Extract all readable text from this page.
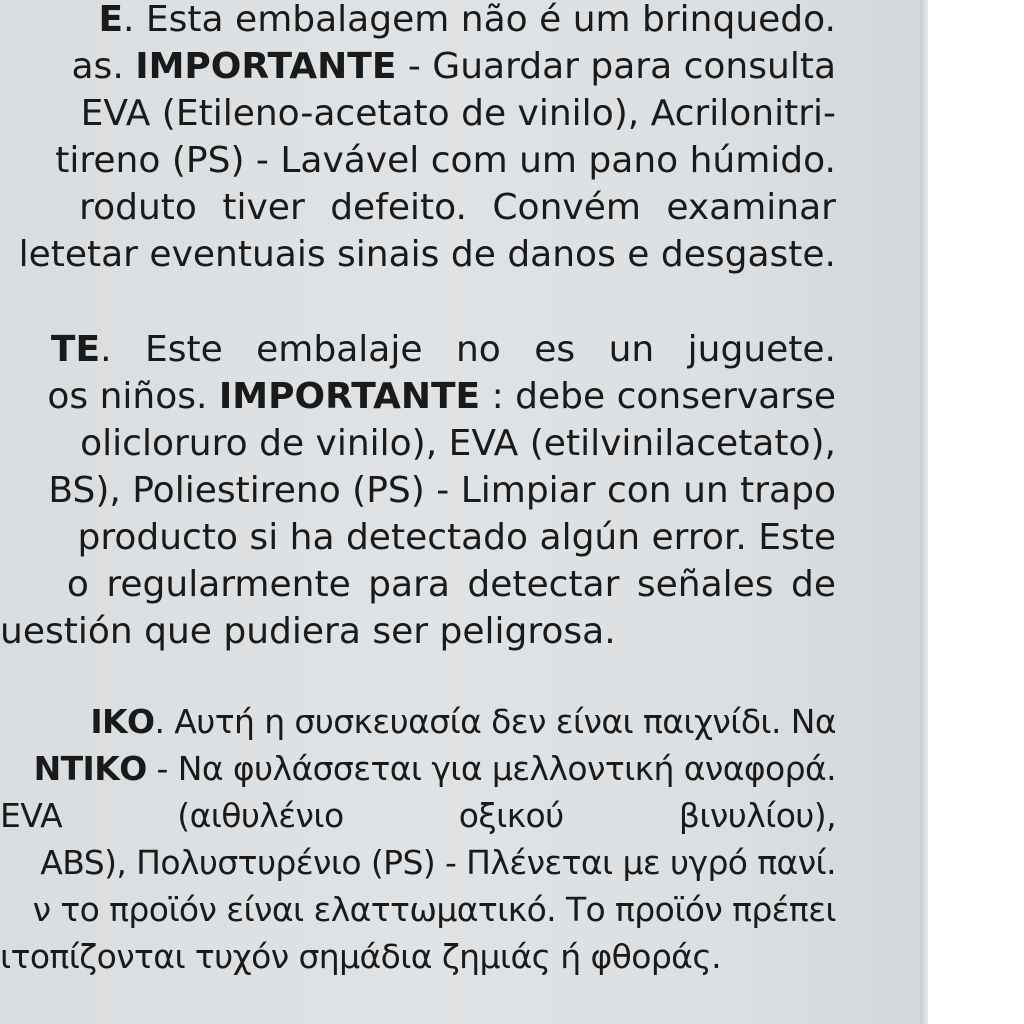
E. Esta embalagem não é um brinquedo.

as. IMPORTANTE - Guardar para consulta

EVA (Etileno-acetato de vinilo), Acrilonitri-

tireno (PS) - Lavável com um pano húmido.

roduto tiver defeito. Convém examinar

letetar eventuais sinais de danos e desgaste.

TE. Este embalaje no es un juguete.

os niños. IMPORTANTE : debe conservarse

olicloruro de vinilo), EVA (etilvinilacetato),

BS), Poliestireno (PS) - Limpiar con un trapo

producto si ha detectado algún error. Este

o regularmente para detectar señales de

uestión que pudiera ser peligrosa.

ΙΚΟ. Αυτή η συσκευασία δεν είναι παιχνίδι. Να

ΝΤΙΚΟ - Να φυλάσσεται για μελλοντική αναφορά.

EVA	(αιθυλένιο	οξικού	βινυλίου),

ABS), Πολυστυρένιο (PS) - Πλένεται με υγρό πανί.

ν το προϊόν είναι ελαττωματικό. Το προϊόν πρέπει

ιτοπίζονται τυχόν σημάδια ζημιάς ή φθοράς.
